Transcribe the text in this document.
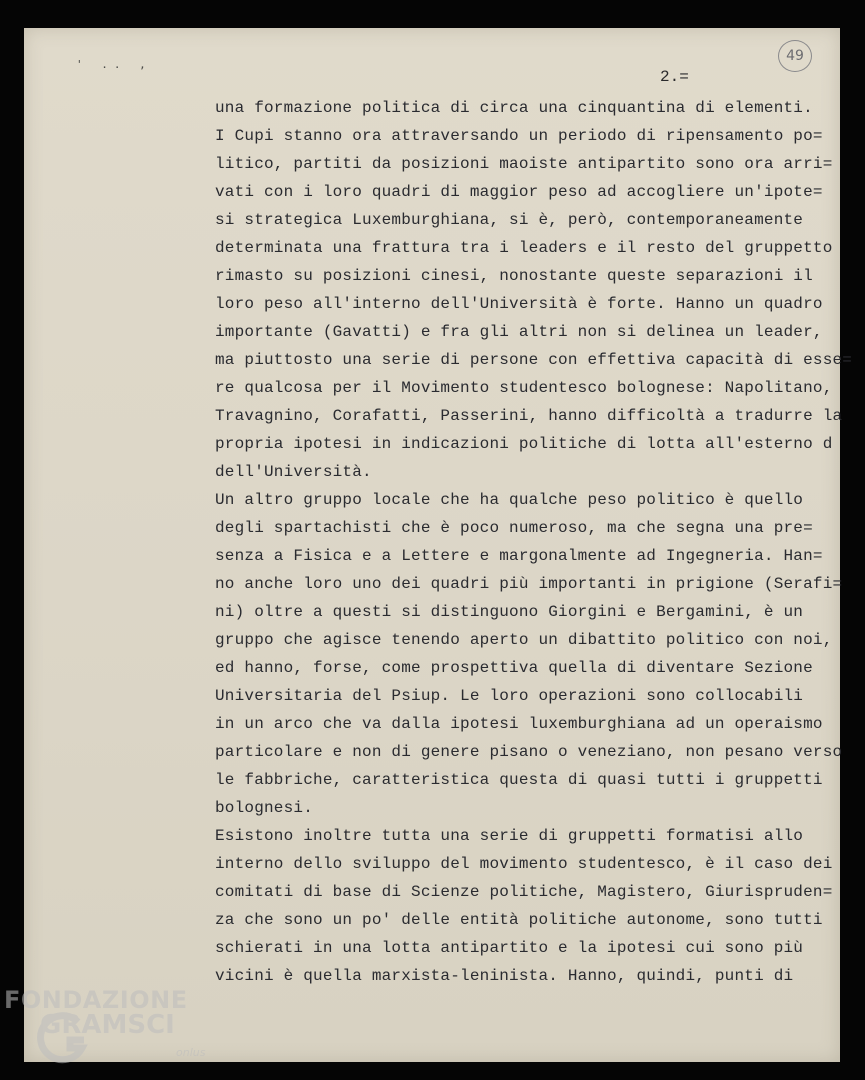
' .. ,
2.=
49
una formazione politica di circa una cinquantina di elementi.
I Cupi stanno ora attraversando un periodo di ripensamento po=
litico, partiti da posizioni maoiste antipartito sono ora arri=
vati con i loro quadri di maggior peso ad accogliere un'ipote=
si strategica Luxemburghiana, si è, però, contemporaneamente
determinata una frattura tra i leaders e il resto del gruppetto
rimasto su posizioni cinesi, nonostante queste separazioni il
loro peso all'interno dell'Università è forte. Hanno un quadro
importante (Gavatti) e fra gli altri non si delinea un leader,
ma piuttosto una serie di persone con effettiva capacità di esse=
re qualcosa per il Movimento studentesco bolognese: Napolitano,
Travagnino, Corafatti, Passerini, hanno difficoltà a tradurre la
propria ipotesi in indicazioni politiche di lotta all'esterno d
dell'Università.
Un altro gruppo locale che ha qualche peso politico è quello
degli spartachisti che è poco numeroso, ma che segna una pre=
senza a Fisica e a Lettere e margonalmente ad Ingegneria. Han=
no anche loro uno dei quadri più importanti in prigione (Serafi=
ni) oltre a questi si distinguono Giorgini e Bergamini, è un
gruppo che agisce tenendo aperto un dibattito politico con noi,
ed hanno, forse, come prospettiva quella di diventare Sezione
Universitaria del Psiup. Le loro operazioni sono collocabili
in un arco che va dalla ipotesi luxemburghiana ad un operaismo
particolare e non di genere pisano o veneziano, non pesano verso
le fabbriche, caratteristica questa di quasi tutti i gruppetti
bolognesi.
Esistono inoltre tutta una serie di gruppetti formatisi allo
interno dello sviluppo del movimento studentesco, è il caso dei
comitati di base di Scienze politiche, Magistero, Giurispruden=
za che sono un po' delle entità politiche autonome, sono tutti
schierati in una lotta antipartito e la ipotesi cui sono più
vicini è quella marxista-leninista. Hanno, quindi, punti di
FONDAZIONE
GRAMSCI
onlus
